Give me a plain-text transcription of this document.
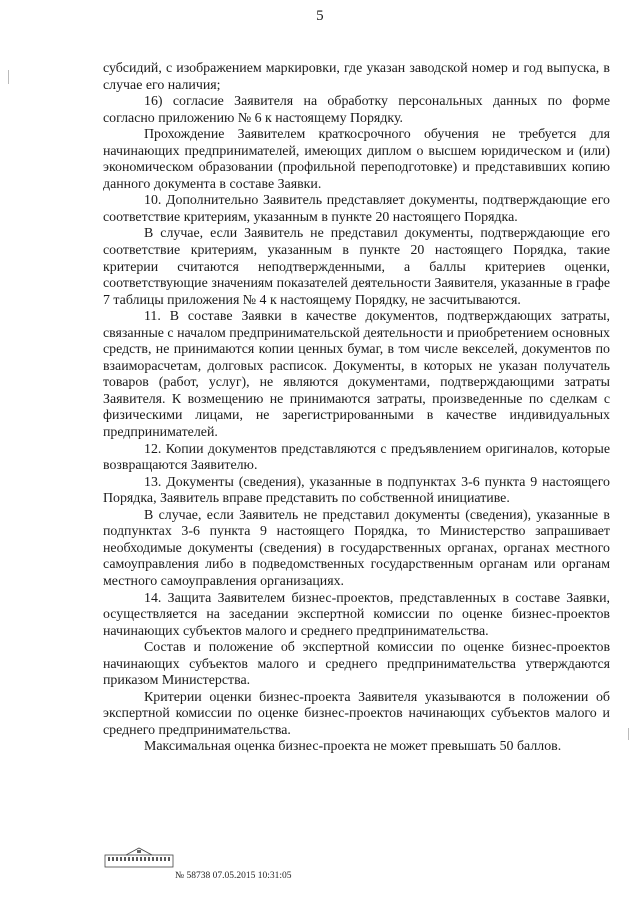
5

субсидий, с изображением маркировки, где указан заводской номер и год выпуска, в случае его наличия;

16) согласие Заявителя на обработку персональных данных по форме согласно приложению № 6 к настоящему Порядку.

Прохождение Заявителем краткосрочного обучения не требуется для начинающих предпринимателей, имеющих диплом о высшем юридическом и (или) экономическом образовании (профильной переподготовке) и представивших копию данного документа в составе Заявки.

10. Дополнительно Заявитель представляет документы, подтверждающие его соответствие критериям, указанным в пункте 20 настоящего Порядка.

В случае, если Заявитель не представил документы, подтверждающие его соответствие критериям, указанным в пункте 20 настоящего Порядка, такие критерии считаются неподтвержденными, а баллы критериев оценки, соответствующие значениям показателей деятельности Заявителя, указанные в графе 7 таблицы приложения № 4 к настоящему Порядку, не засчитываются.

11. В составе Заявки в качестве документов, подтверждающих затраты, связанные с началом предпринимательской деятельности и приобретением основных средств, не принимаются копии ценных бумаг, в том числе векселей, документов по взаиморасчетам, долговых расписок. Документы, в которых не указан получатель товаров (работ, услуг), не являются документами, подтверждающими затраты Заявителя. К возмещению не принимаются затраты, произведенные по сделкам с физическими лицами, не зарегистрированными в качестве индивидуальных предпринимателей.

12. Копии документов представляются с предъявлением оригиналов, которые возвращаются Заявителю.

13. Документы (сведения), указанные в подпунктах 3-6 пункта 9 настоящего Порядка, Заявитель вправе представить по собственной инициативе.

В случае, если Заявитель не представил документы (сведения), указанные в подпунктах 3-6 пункта 9 настоящего Порядка, то Министерство запрашивает необходимые документы (сведения) в государственных органах, органах местного самоуправления либо в подведомственных государственным органам или органам местного самоуправления организациях.

14. Защита Заявителем бизнес-проектов, представленных в составе Заявки, осуществляется на заседании экспертной комиссии по оценке бизнес-проектов начинающих субъектов малого и среднего предпринимательства.

Состав и положение об экспертной комиссии по оценке бизнес-проектов начинающих субъектов малого и среднего предпринимательства утверждаются приказом Министерства.

Критерии оценки бизнес-проекта Заявителя указываются в положении об экспертной комиссии по оценке бизнес-проектов начинающих субъектов малого и среднего предпринимательства.

Максимальная оценка бизнес-проекта не может превышать 50 баллов.

№ 58738 07.05.2015 10:31:05
